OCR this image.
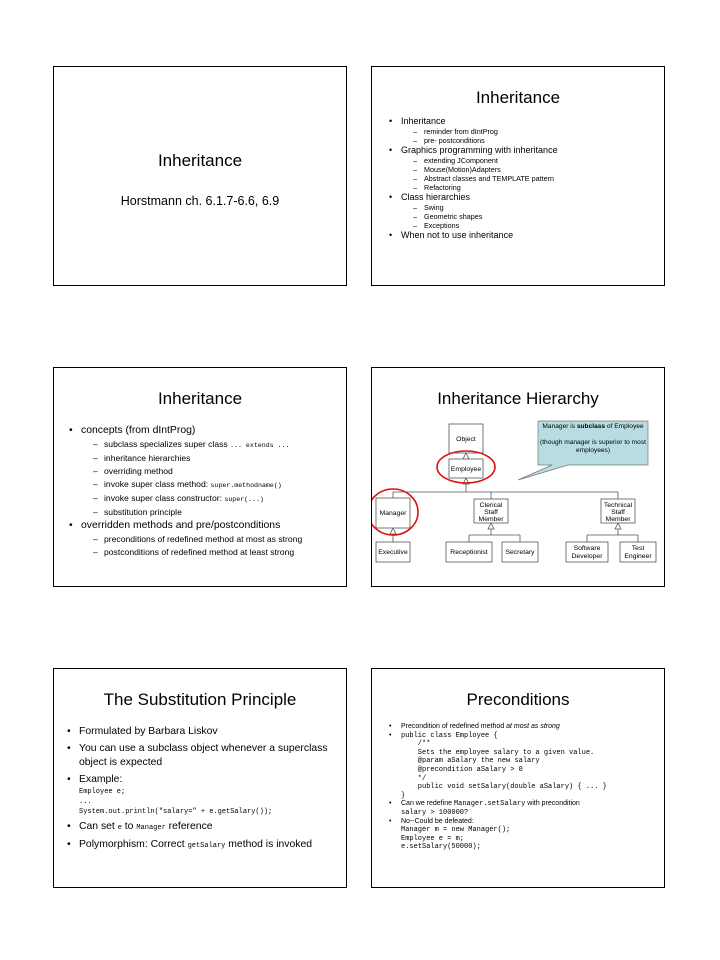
Inheritance
Horstmann ch. 6.1.7-6.6, 6.9
Inheritance
• Inheritance
– reminder from dIntProg
– pre- postconditions
• Graphics programming with inheritance
– extending JComponent
– Mouse(Motion)Adapters
– Abstract classes and TEMPLATE pattern
– Refactoring
• Class hierarchies
– Swing
– Geometric shapes
– Exceptions
• When not to use inheritance
Inheritance
• concepts (from dIntProg)
– subclass specializes super class ... extends ...
– inheritance hierarchies
– overriding method
– invoke super class method: super.methodname()
– invoke super class constructor: super(...)
– substitution principle
• overridden methods and pre/postconditions
– preconditions of redefined method at most as strong
– postconditions of redefined method at least strong
Inheritance Hierarchy
Object
Employee
Manager
Clerical
Staff
Member
Technical
Staff
Member
Executive	Receptionist	Secretary
Software
Developer
Test
Engineer
Manager is subclass of Employee

(though manager is superior to most employees)
The Substitution Principle
• Formulated by Barbara Liskov
• You can use a subclass object whenever a superclass object is expected
• Example:
Employee e;
...
System.out.println("salary=" + e.getSalary());
• Can set e to Manager reference
• Polymorphism: Correct getSalary method is invoked
Preconditions
• Precondition of redefined method at most as strong
• public class Employee {
/**
Sets the employee salary to a given value.
@param aSalary the new salary
@precondition aSalary > 0
*/
public void setSalary(double aSalary) { ... }
}
• Can we redefine Manager.setSalary with precondition
salary > 100000?
• No--Could be defeated:
Manager m = new Manager();
Employee e = m;
e.setSalary(50000);
